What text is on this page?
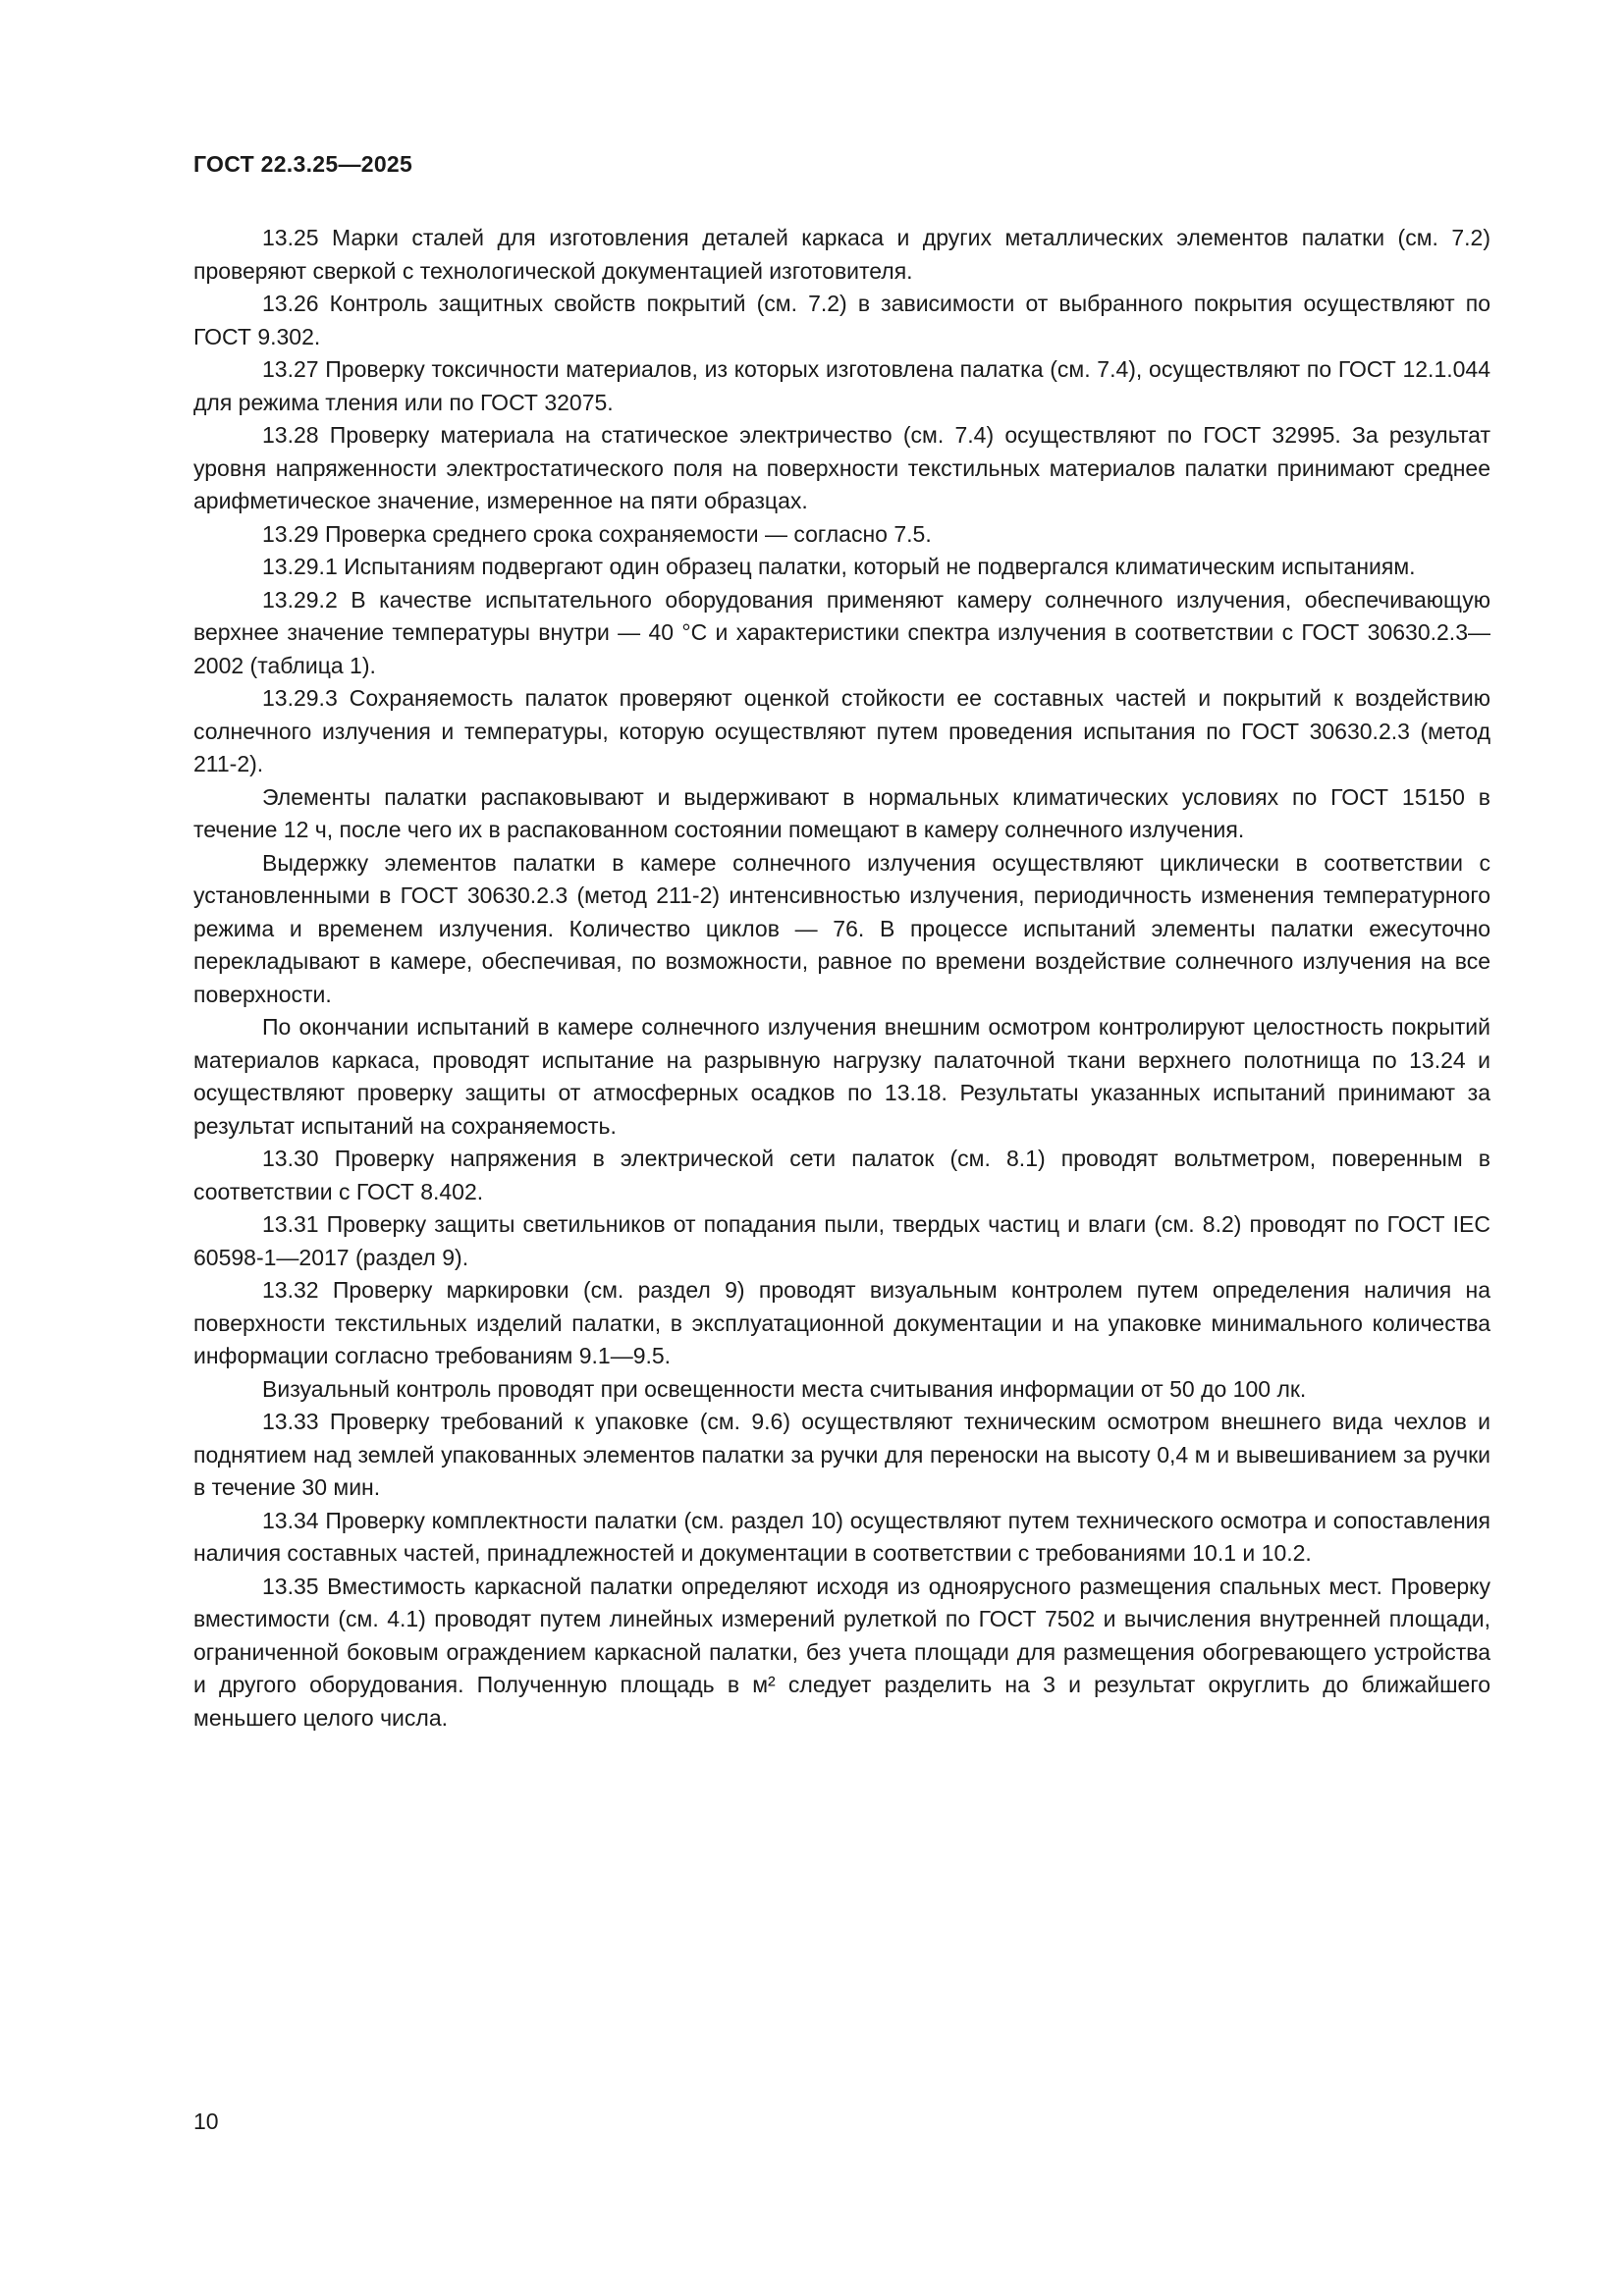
ГОСТ 22.3.25—2025

13.25 Марки сталей для изготовления деталей каркаса и других металлических элементов палатки (см. 7.2) проверяют сверкой с технологической документацией изготовителя.

13.26 Контроль защитных свойств покрытий (см. 7.2) в зависимости от выбранного покрытия осуществляют по ГОСТ 9.302.

13.27 Проверку токсичности материалов, из которых изготовлена палатка (см. 7.4), осуществляют по ГОСТ 12.1.044 для режима тления или по ГОСТ 32075.

13.28 Проверку материала на статическое электричество (см. 7.4) осуществляют по ГОСТ 32995. За результат уровня напряженности электростатического поля на поверхности текстильных материалов палатки принимают среднее арифметическое значение, измеренное на пяти образцах.

13.29 Проверка среднего срока сохраняемости — согласно 7.5.

13.29.1 Испытаниям подвергают один образец палатки, который не подвергался климатическим испытаниям.

13.29.2 В качестве испытательного оборудования применяют камеру солнечного излучения, обеспечивающую верхнее значение температуры внутри — 40 °С и характеристики спектра излучения в соответствии с ГОСТ 30630.2.3—2002 (таблица 1).

13.29.3 Сохраняемость палаток проверяют оценкой стойкости ее составных частей и покрытий к воздействию солнечного излучения и температуры, которую осуществляют путем проведения испытания по ГОСТ 30630.2.3 (метод 211-2).

Элементы палатки распаковывают и выдерживают в нормальных климатических условиях по ГОСТ 15150 в течение 12 ч, после чего их в распакованном состоянии помещают в камеру солнечного излучения.

Выдержку элементов палатки в камере солнечного излучения осуществляют циклически в соответствии с установленными в ГОСТ 30630.2.3 (метод 211-2) интенсивностью излучения, периодичность изменения температурного режима и временем излучения. Количество циклов — 76. В процессе испытаний элементы палатки ежесуточно перекладывают в камере, обеспечивая, по возможности, равное по времени воздействие солнечного излучения на все поверхности.

По окончании испытаний в камере солнечного излучения внешним осмотром контролируют целостность покрытий материалов каркаса, проводят испытание на разрывную нагрузку палаточной ткани верхнего полотнища по 13.24 и осуществляют проверку защиты от атмосферных осадков по 13.18. Результаты указанных испытаний принимают за результат испытаний на сохраняемость.

13.30 Проверку напряжения в электрической сети палаток (см. 8.1) проводят вольтметром, поверенным в соответствии с ГОСТ 8.402.

13.31 Проверку защиты светильников от попадания пыли, твердых частиц и влаги (см. 8.2) проводят по ГОСТ IEC 60598-1—2017 (раздел 9).

13.32 Проверку маркировки (см. раздел 9) проводят визуальным контролем путем определения наличия на поверхности текстильных изделий палатки, в эксплуатационной документации и на упаковке минимального количества информации согласно требованиям 9.1—9.5.

Визуальный контроль проводят при освещенности места считывания информации от 50 до 100 лк.

13.33 Проверку требований к упаковке (см. 9.6) осуществляют техническим осмотром внешнего вида чехлов и поднятием над землей упакованных элементов палатки за ручки для переноски на высоту 0,4 м и вывешиванием за ручки в течение 30 мин.

13.34 Проверку комплектности палатки (см. раздел 10) осуществляют путем технического осмотра и сопоставления наличия составных частей, принадлежностей и документации в соответствии с требованиями 10.1 и 10.2.

13.35 Вместимость каркасной палатки определяют исходя из одноярусного размещения спальных мест. Проверку вместимости (см. 4.1) проводят путем линейных измерений рулеткой по ГОСТ 7502 и вычисления внутренней площади, ограниченной боковым ограждением каркасной палатки, без учета площади для размещения обогревающего устройства и другого оборудования. Полученную площадь в м² следует разделить на 3 и результат округлить до ближайшего меньшего целого числа.

10
